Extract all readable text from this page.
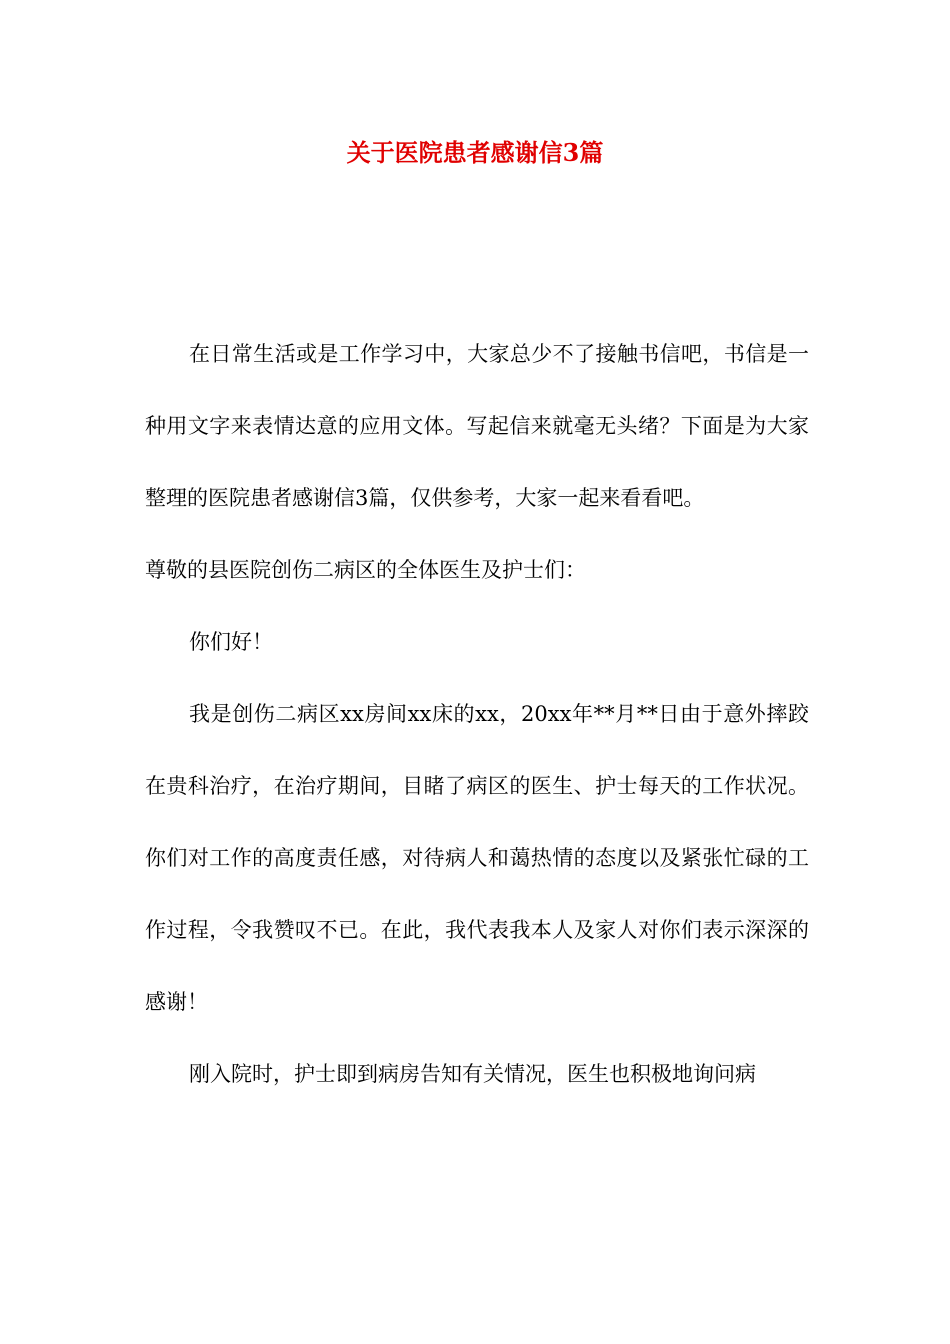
关于医院患者感谢信3篇

在日常生活或是工作学习中，大家总少不了接触书信吧，书信是一种用文字来表情达意的应用文体。写起信来就毫无头绪？下面是为大家整理的医院患者感谢信3篇，仅供参考，大家一起来看看吧。

尊敬的县医院创伤二病区的全体医生及护士们：

你们好！

我是创伤二病区xx房间xx床的xx，20xx年**月**日由于意外摔跤在贵科治疗，在治疗期间，目睹了病区的医生、护士每天的工作状况。你们对工作的高度责任感，对待病人和蔼热情的态度以及紧张忙碌的工作过程，令我赞叹不已。在此，我代表我本人及家人对你们表示深深的感谢！

刚入院时，护士即到病房告知有关情况，医生也积极地询问病
